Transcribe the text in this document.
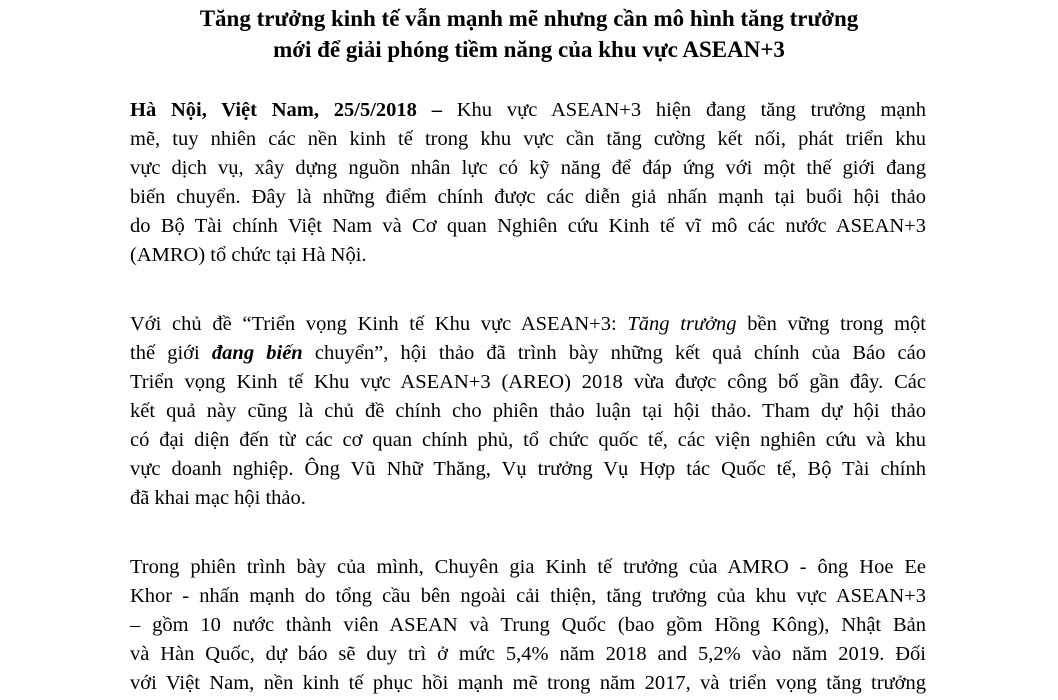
Tăng trưởng kinh tế vẫn mạnh mẽ nhưng cần mô hình tăng trưởng
mới để giải phóng tiềm năng của khu vực ASEAN+3
Hà Nội, Việt Nam, 25/5/2018 – Khu vực ASEAN+3 hiện đang tăng trưởng mạnh
mẽ, tuy nhiên các nền kinh tế trong khu vực cần tăng cường kết nối, phát triển khu
vực dịch vụ, xây dựng nguồn nhân lực có kỹ năng để đáp ứng với một thế giới đang
biến chuyển. Đây là những điểm chính được các diễn giả nhấn mạnh tại buổi hội thảo
do Bộ Tài chính Việt Nam và Cơ quan Nghiên cứu Kinh tế vĩ mô các nước ASEAN+3
(AMRO) tổ chức tại Hà Nội.
Với chủ đề “Triển vọng Kinh tế Khu vực ASEAN+3: Tăng trưởng bền vững trong một
thế giới đang biến chuyển”, hội thảo đã trình bày những kết quả chính của Báo cáo
Triển vọng Kinh tế Khu vực ASEAN+3 (AREO) 2018 vừa được công bố gần đây. Các
kết quả này cũng là chủ đề chính cho phiên thảo luận tại hội thảo. Tham dự hội thảo
có đại diện đến từ các cơ quan chính phủ, tổ chức quốc tế, các viện nghiên cứu và khu
vực doanh nghiệp. Ông Vũ Nhữ Thăng, Vụ trưởng Vụ Hợp tác Quốc tế, Bộ Tài chính
đã khai mạc hội thảo.
Trong phiên trình bày của mình, Chuyên gia Kinh tế trưởng của AMRO - ông Hoe Ee
Khor - nhấn mạnh do tổng cầu bên ngoài cải thiện, tăng trưởng của khu vực ASEAN+3
– gồm 10 nước thành viên ASEAN và Trung Quốc (bao gồm Hồng Kông), Nhật Bản
và Hàn Quốc, dự báo sẽ duy trì ở mức 5,4% năm 2018 and 5,2% vào năm 2019. Đối
với Việt Nam, nền kinh tế phục hồi mạnh mẽ trong năm 2017, và triển vọng tăng trưởng
